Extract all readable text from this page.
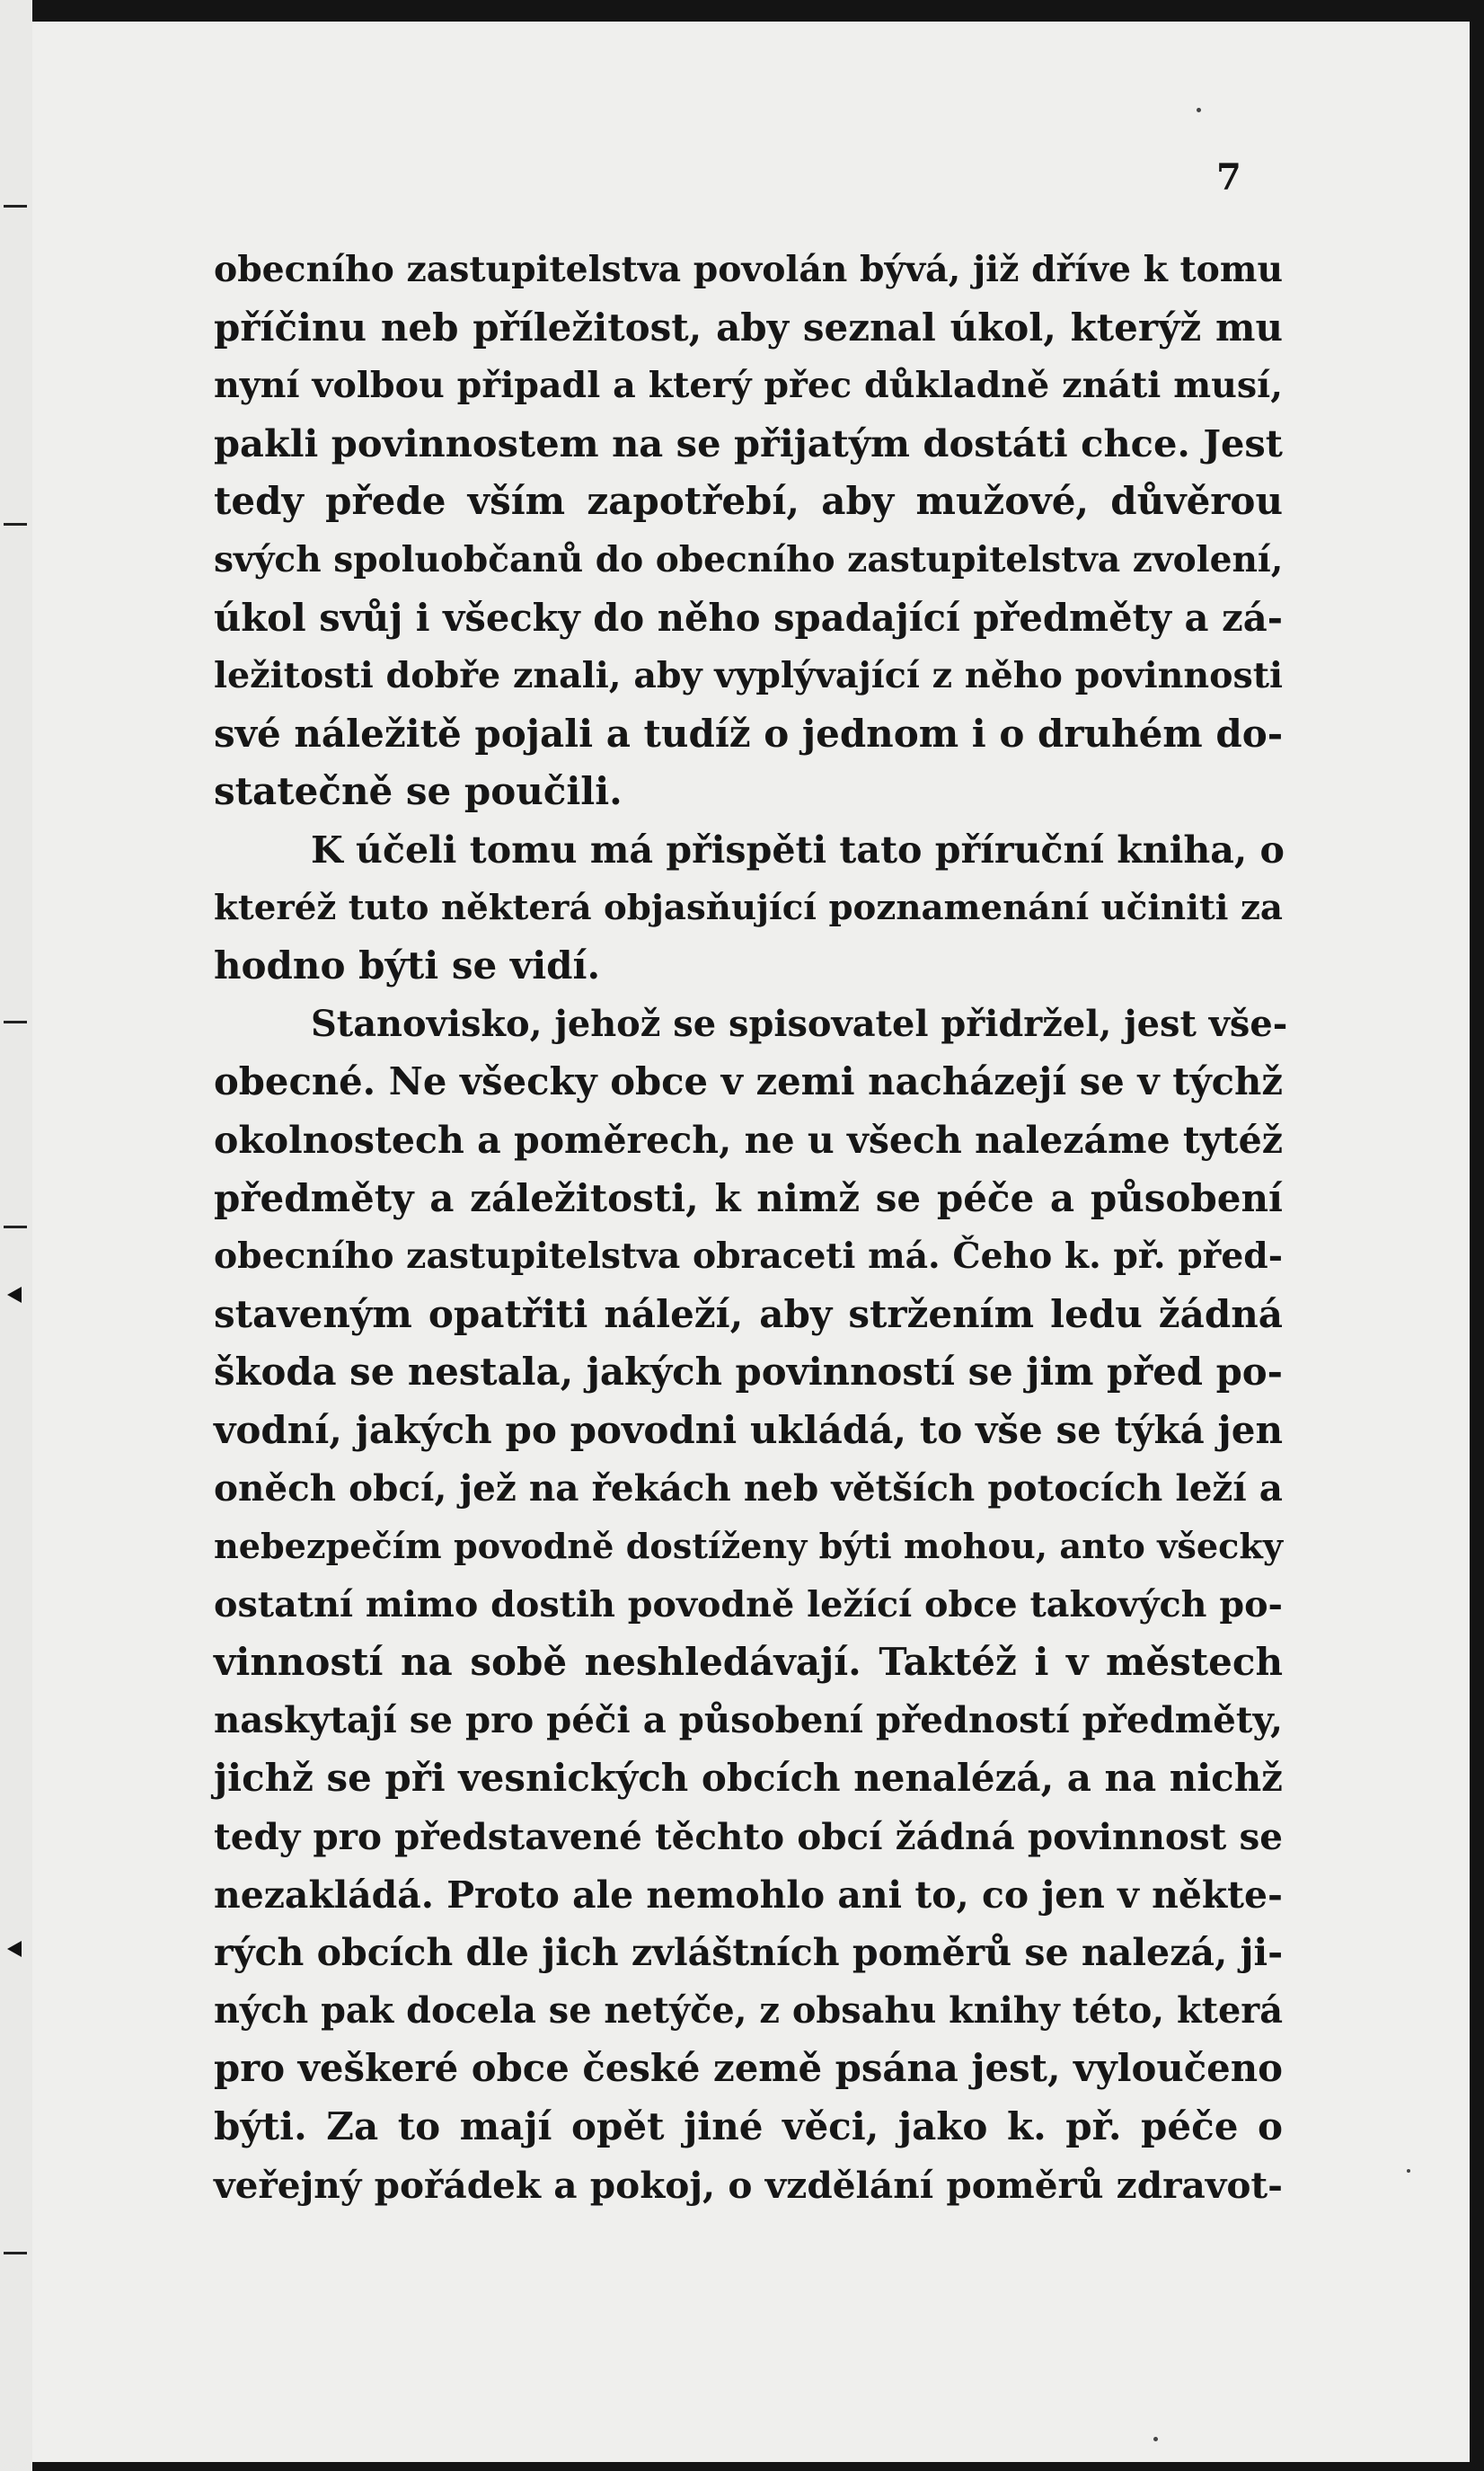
7

obecního zastupitelstva povolán bývá, již dříve k tomu
příčinu neb příležitost, aby seznal úkol, kterýž mu
nyní volbou připadl a který přec důkladně znáti musí,
pakli povinnostem na se přijatým dostáti chce. Jest
tedy přede vším zapotřebí, aby mužové, důvěrou
svých spoluobčanů do obecního zastupitelstva zvolení,
úkol svůj i všecky do něho spadající předměty a zá-
ležitosti dobře znali, aby vyplývající z něho povinnosti
své náležitě pojali a tudíž o jednom i o druhém do-
statečně se poučili.
K účeli tomu má přispěti tato příruční kniha, o
kteréž tuto některá objasňující poznamenání učiniti za
hodno býti se vidí.
Stanovisko, jehož se spisovatel přidržel, jest vše-
obecné. Ne všecky obce v zemi nacházejí se v týchž
okolnostech a poměrech, ne u všech nalezáme tytéž
předměty a záležitosti, k nimž se péče a působení
obecního zastupitelstva obraceti má. Čeho k. př. před-
staveným opatřiti náleží, aby stržením ledu žádná
škoda se nestala, jakých povinností se jim před po-
vodní, jakých po povodni ukládá, to vše se týká jen
oněch obcí, jež na řekách neb větších potocích leží a
nebezpečím povodně dostíženy býti mohou, anto všecky
ostatní mimo dostih povodně ležící obce takových po-
vinností na sobě neshledávají. Taktéž i v městech
naskytají se pro péči a působení předností předměty,
jichž se při vesnických obcích nenalézá, a na nichž
tedy pro představené těchto obcí žádná povinnost se
nezakládá. Proto ale nemohlo ani to, co jen v někte-
rých obcích dle jich zvláštních poměrů se nalezá, ji-
ných pak docela se netýče, z obsahu knihy této, která
pro veškeré obce české země psána jest, vyloučeno
býti. Za to mají opět jiné věci, jako k. př. péče o
veřejný pořádek a pokoj, o vzdělání poměrů zdravot-
